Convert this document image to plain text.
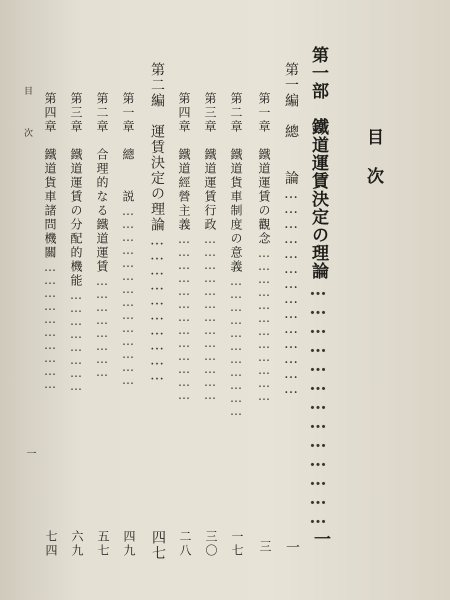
目次
第一部　鐵道運賃決定の理論…………………………………
一
第一編　總　　論……………………………………
一
第一章　鐵道運賃の觀念………………………………
三
第二章　鐵道貨車制度の意義……………………………
一七
第三章　鐵道運賃行政…………………………………
三〇
第四章　鐵道經營主義…………………………………
二八
第二編　運賃決定の理論…………………………
四七
第一章　總　　説……………………………………
四九
第二章　合理的なる鐵道運賃……………………
五七
第三章　鐵道運賃の分配的機能……………………
六九
第四章　鐵道貨車諸問機關…………………………
七四
目　次
一
